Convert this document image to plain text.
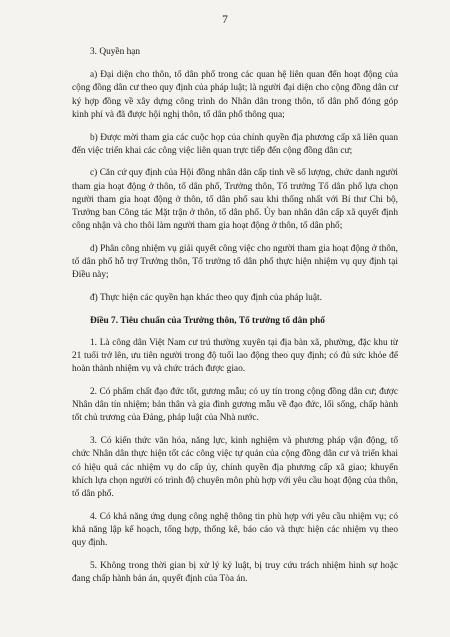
7

3. Quyền hạn

a) Đại diện cho thôn, tổ dân phố trong các quan hệ liên quan đến hoạt động của cộng đồng dân cư theo quy định của pháp luật; là người đại diện cho cộng đồng dân cư ký hợp đồng về xây dựng công trình do Nhân dân trong thôn, tổ dân phố đóng góp kinh phí và đã được hội nghị thôn, tổ dân phố thông qua;

b) Được mời tham gia các cuộc họp của chính quyền địa phương cấp xã liên quan đến việc triển khai các công việc liên quan trực tiếp đến cộng đồng dân cư;

c) Căn cứ quy định của Hội đồng nhân dân cấp tỉnh về số lượng, chức danh người tham gia hoạt động ở thôn, tổ dân phố, Trưởng thôn, Tổ trưởng Tổ dân phố lựa chọn người tham gia hoạt động ở thôn, tổ dân phố sau khi thống nhất với Bí thư Chi bộ, Trưởng ban Công tác Mặt trận ở thôn, tổ dân phố. Ủy ban nhân dân cấp xã quyết định công nhận và cho thôi làm người tham gia hoạt động ở thôn, tổ dân phố;

d) Phân công nhiệm vụ giải quyết công việc cho người tham gia hoạt động ở thôn, tổ dân phố hỗ trợ Trưởng thôn, Tổ trưởng tổ dân phố thực hiện nhiệm vụ quy định tại Điều này;

đ) Thực hiện các quyền hạn khác theo quy định của pháp luật.

Điều 7. Tiêu chuẩn của Trưởng thôn, Tổ trưởng tổ dân phố

1. Là công dân Việt Nam cư trú thường xuyên tại địa bàn xã, phường, đặc khu từ 21 tuổi trở lên, ưu tiên người trong độ tuổi lao động theo quy định; có đủ sức khỏe để hoàn thành nhiệm vụ và chức trách được giao.

2. Có phẩm chất đạo đức tốt, gương mẫu; có uy tín trong cộng đồng dân cư; được Nhân dân tín nhiệm; bản thân và gia đình gương mẫu về đạo đức, lối sống, chấp hành tốt chủ trương của Đảng, pháp luật của Nhà nước.

3. Có kiến thức văn hóa, năng lực, kinh nghiệm và phương pháp vận động, tổ chức Nhân dân thực hiện tốt các công việc tự quản của cộng đồng dân cư và triển khai có hiệu quả các nhiệm vụ do cấp ủy, chính quyền địa phương cấp xã giao; khuyến khích lựa chọn người có trình độ chuyên môn phù hợp với yêu cầu hoạt động của thôn, tổ dân phố.

4. Có khả năng ứng dụng công nghệ thông tin phù hợp với yêu cầu nhiệm vụ; có khả năng lập kế hoạch, tổng hợp, thống kê, báo cáo và thực hiện các nhiệm vụ theo quy định.

5. Không trong thời gian bị xử lý kỷ luật, bị truy cứu trách nhiệm hình sự hoặc đang chấp hành bản án, quyết định của Tòa án.
